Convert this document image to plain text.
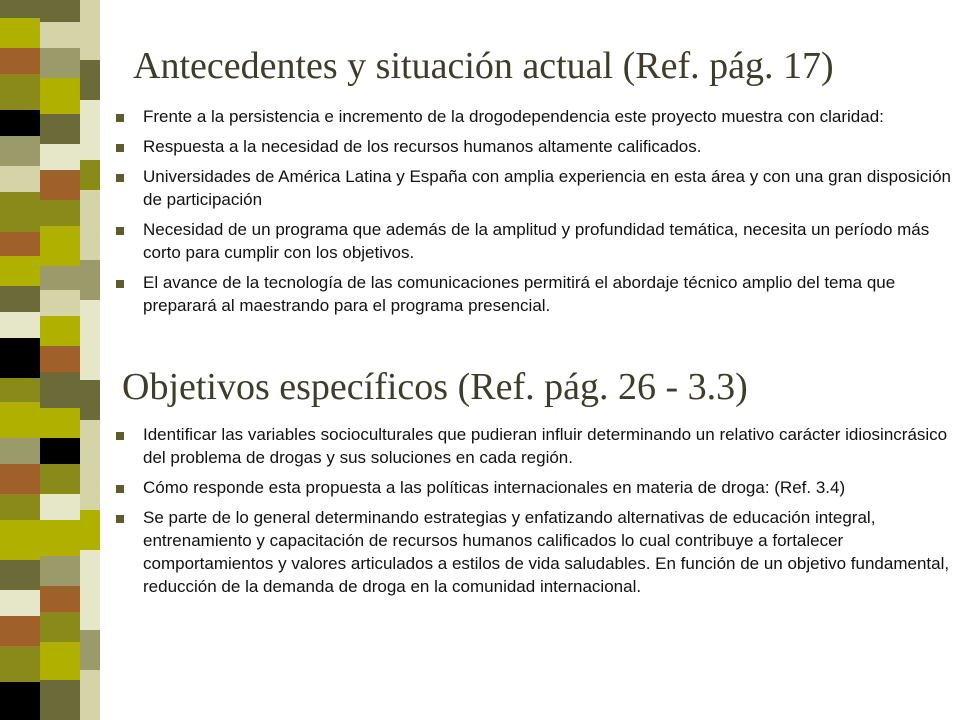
Antecedentes y situación actual (Ref. pág. 17)
Frente a la persistencia e incremento de la drogodependencia este proyecto muestra con claridad:
Respuesta a la necesidad de los recursos humanos altamente calificados.
Universidades de América Latina y España con amplia experiencia en esta área y con una gran disposición de participación
Necesidad de un programa que además de la amplitud y profundidad temática, necesita un período más corto para cumplir con los objetivos.
El avance de la tecnología de las comunicaciones permitirá el abordaje técnico amplio del tema que preparará al maestrando para el programa presencial.
Objetivos específicos (Ref. pág. 26 - 3.3)
Identificar las variables socioculturales que pudieran influir determinando un relativo carácter idiosincrásico del problema de drogas y sus soluciones en cada región.
Cómo responde esta propuesta a las políticas internacionales en materia de droga: (Ref. 3.4)
Se parte de lo general determinando estrategias y enfatizando alternativas de educación integral, entrenamiento y capacitación de recursos humanos calificados lo cual contribuye a fortalecer comportamientos y valores articulados a estilos de vida saludables. En función de un objetivo fundamental, reducción de la demanda de droga en la comunidad internacional.
